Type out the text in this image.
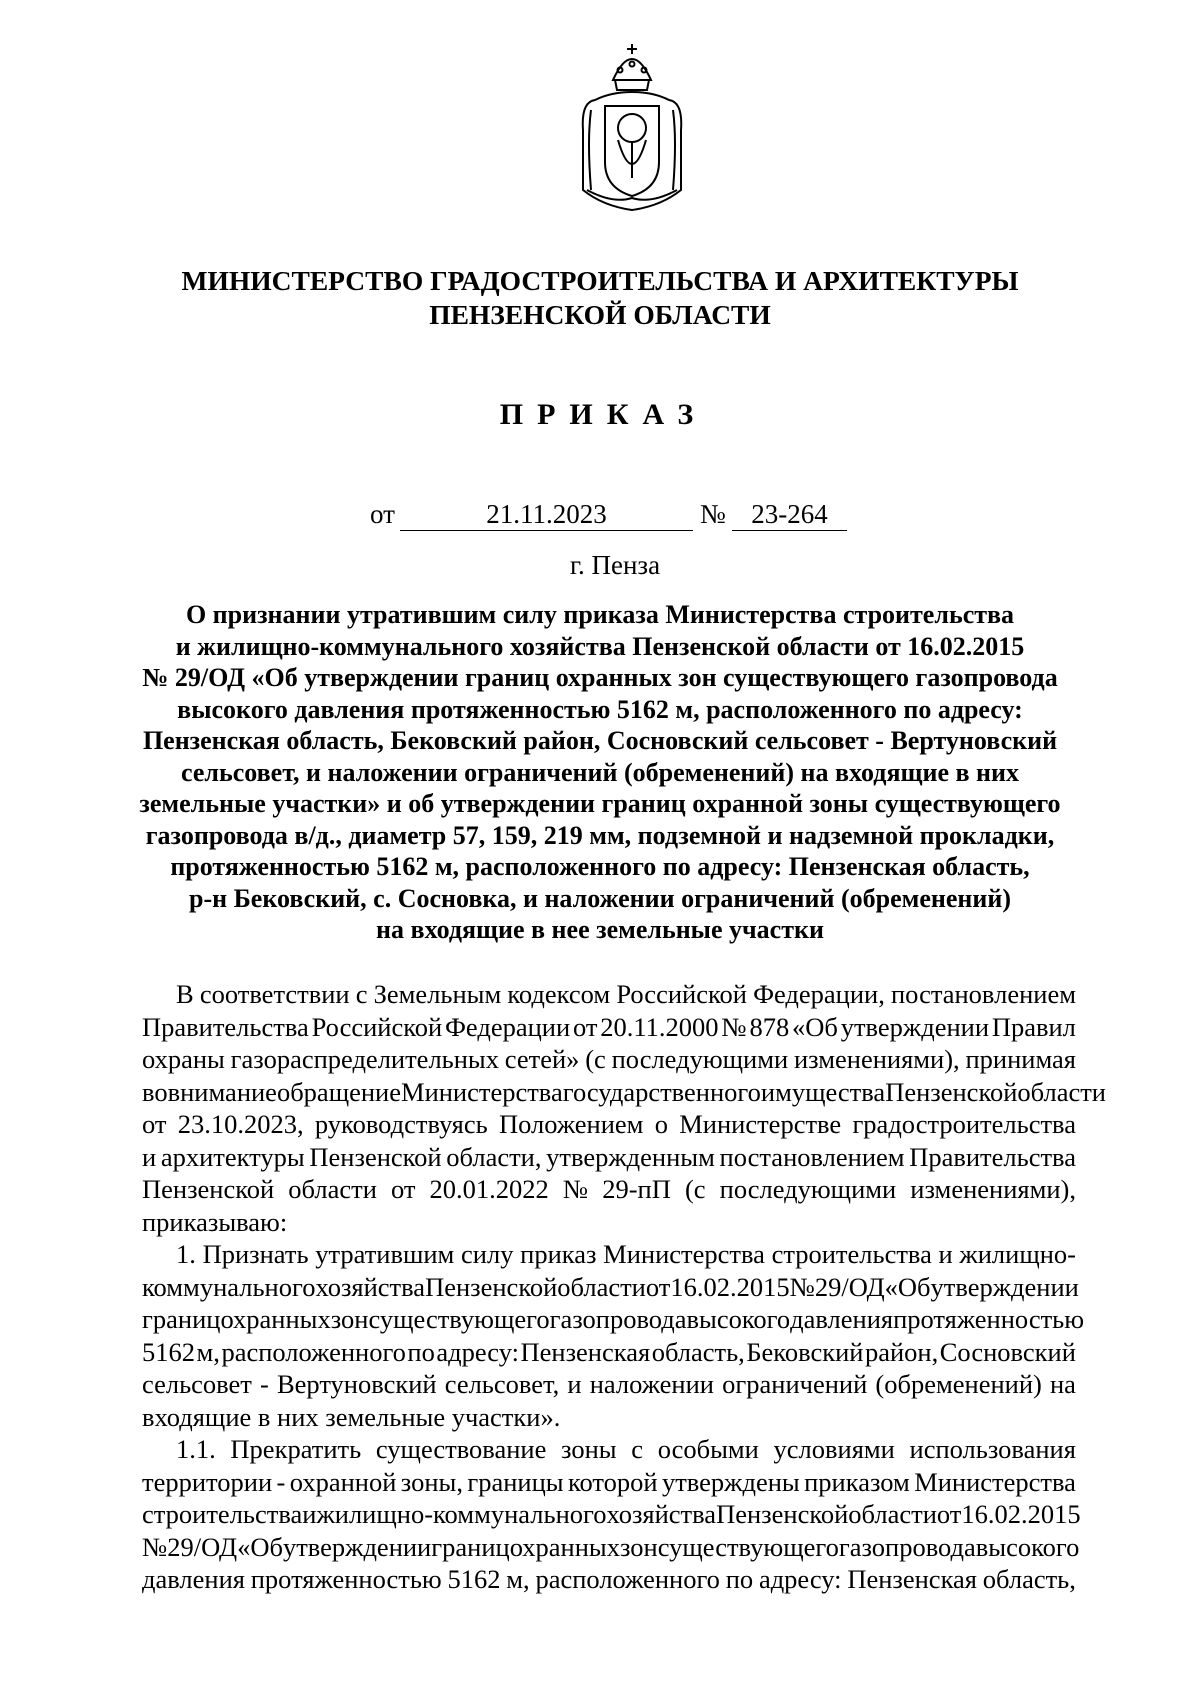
МИНИСТЕРСТВО ГРАДОСТРОИТЕЛЬСТВА И АРХИТЕКТУРЫ
ПЕНЗЕНСКОЙ ОБЛАСТИ
ПРИКАЗ
от	21.11.2023	№ 23-264
г. Пенза
О признании утратившим силу приказа Министерства строительства
и жилищно-коммунального хозяйства Пензенской области от 16.02.2015
№ 29/ОД «Об утверждении границ охранных зон существующего газопровода
высокого давления протяженностью 5162 м, расположенного по адресу:
Пензенская область, Бековский район, Сосновский сельсовет - Вертуновский
сельсовет, и наложении ограничений (обременений) на входящие в них
земельные участки» и об утверждении границ охранной зоны существующего
газопровода в/д., диаметр 57, 159, 219 мм, подземной и надземной прокладки,
протяженностью 5162 м, расположенного по адресу: Пензенская область,
р-н Бековский, с. Сосновка, и наложении ограничений (обременений)
на входящие в нее земельные участки
В соответствии с Земельным кодексом Российской Федерации, постановлением
Правительства Российской Федерации от 20.11.2000 № 878 «Об утверждении Правил
охраны газораспределительных сетей» (с последующими изменениями), принимая
во внимание обращение Министерства государственного имущества Пензенской области
от 23.10.2023, руководствуясь Положением о Министерстве градостроительства
и архитектуры Пензенской области, утвержденным постановлением Правительства
Пензенской области от 20.01.2022 № 29-пП (с последующими изменениями),
приказываю:
1. Признать утратившим силу приказ Министерства строительства и жилищно-
коммунального хозяйства Пензенской области от 16.02.2015 № 29/ОД «Об утверждении
границ охранных зон существующего газопровода высокого давления протяженностью
5162 м, расположенного по адресу: Пензенская область, Бековский район, Сосновский
сельсовет - Вертуновский сельсовет, и наложении ограничений (обременений) на
входящие в них земельные участки».
1.1. Прекратить существование зоны с особыми условиями использования
территории - охранной зоны, границы которой утверждены приказом Министерства
строительства и жилищно-коммунального хозяйства Пензенской области от 16.02.2015
№ 29/ОД «Об утверждении границ охранных зон существующего газопровода высокого
давления протяженностью 5162 м, расположенного по адресу: Пензенская область,
